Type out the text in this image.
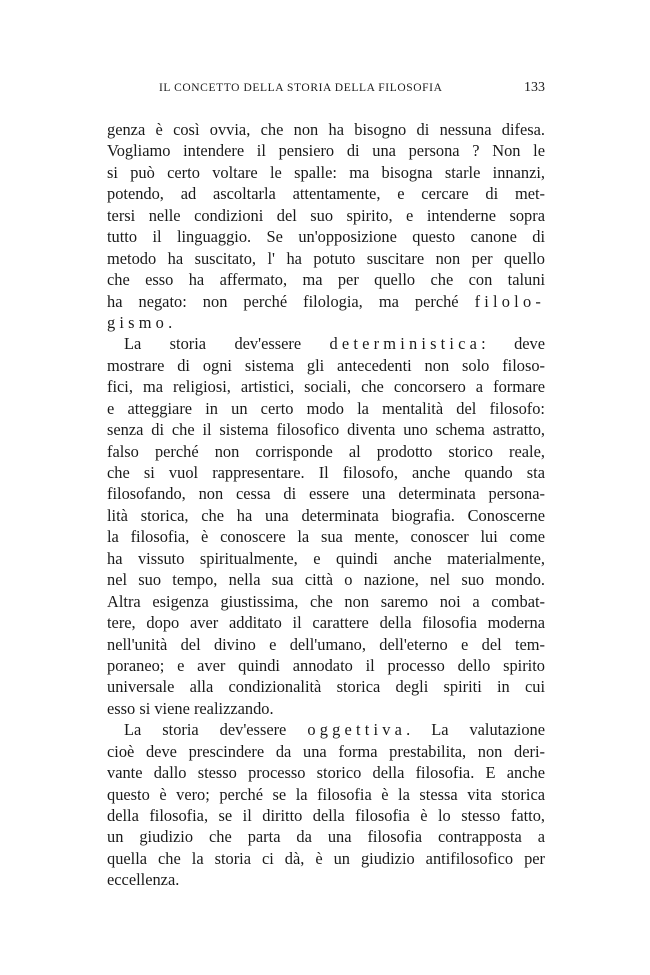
IL CONCETTO DELLA STORIA DELLA FILOSOFIA	133
genza è così ovvia, che non ha bisogno di nessuna difesa.
Vogliamo intendere il pensiero di una persona ? Non le
si può certo voltare le spalle: ma bisogna starle innanzi,
potendo, ad ascoltarla attentamente, e cercare di met-
tersi nelle condizioni del suo spirito, e intenderne sopra
tutto il linguaggio. Se un'opposizione questo canone di
metodo ha suscitato, l' ha potuto suscitare non per quello
che esso ha affermato, ma per quello che con taluni
ha negato: non perché filologia, ma perché filolo-
gismo.
La storia dev'essere deterministica: deve
mostrare di ogni sistema gli antecedenti non solo filoso-
fici, ma religiosi, artistici, sociali, che concorsero a formare
e atteggiare in un certo modo la mentalità del filosofo:
senza di che il sistema filosofico diventa uno schema astratto,
falso perché non corrisponde al prodotto storico reale,
che si vuol rappresentare. Il filosofo, anche quando sta
filosofando, non cessa di essere una determinata persona-
lità storica, che ha una determinata biografia. Conoscerne
la filosofia, è conoscere la sua mente, conoscer lui come
ha vissuto spiritualmente, e quindi anche materialmente,
nel suo tempo, nella sua città o nazione, nel suo mondo.
Altra esigenza giustissima, che non saremo noi a combat-
tere, dopo aver additato il carattere della filosofia moderna
nell'unità del divino e dell'umano, dell'eterno e del tem-
poraneo; e aver quindi annodato il processo dello spirito
universale alla condizionalità storica degli spiriti in cui
esso si viene realizzando.
La storia dev'essere oggettiva. La valutazione
cioè deve prescindere da una forma prestabilita, non deri-
vante dallo stesso processo storico della filosofia. E anche
questo è vero; perché se la filosofia è la stessa vita storica
della filosofia, se il diritto della filosofia è lo stesso fatto,
un giudizio che parta da una filosofia contrapposta a
quella che la storia ci dà, è un giudizio antifilosofico per
eccellenza.
